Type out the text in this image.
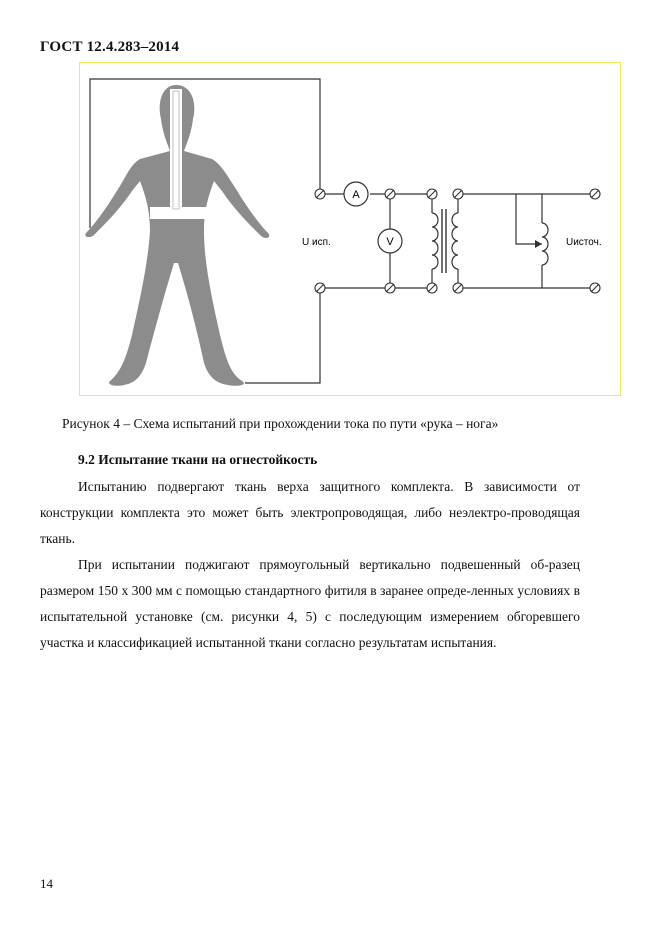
ГОСТ 12.4.283–2014
A
V
U исп.	Uисточ.
Рисунок 4 – Схема испытаний при прохождении тока по пути «рука – нога»
9.2 Испытание ткани на огнестойкость
Испытанию подвергают ткань верха защитного комплекта. В зависимости от конструкции комплекта это может быть электропроводящая, либо неэлектро-проводящая ткань.
При испытании поджигают прямоугольный вертикально подвешенный об-разец размером 150 x 300 мм с помощью стандартного фитиля в заранее опреде-ленных условиях в испытательной установке (см. рисунки 4, 5) с последующим измерением обгоревшего участка и классификацией испытанной ткани согласно результатам испытания.
14
